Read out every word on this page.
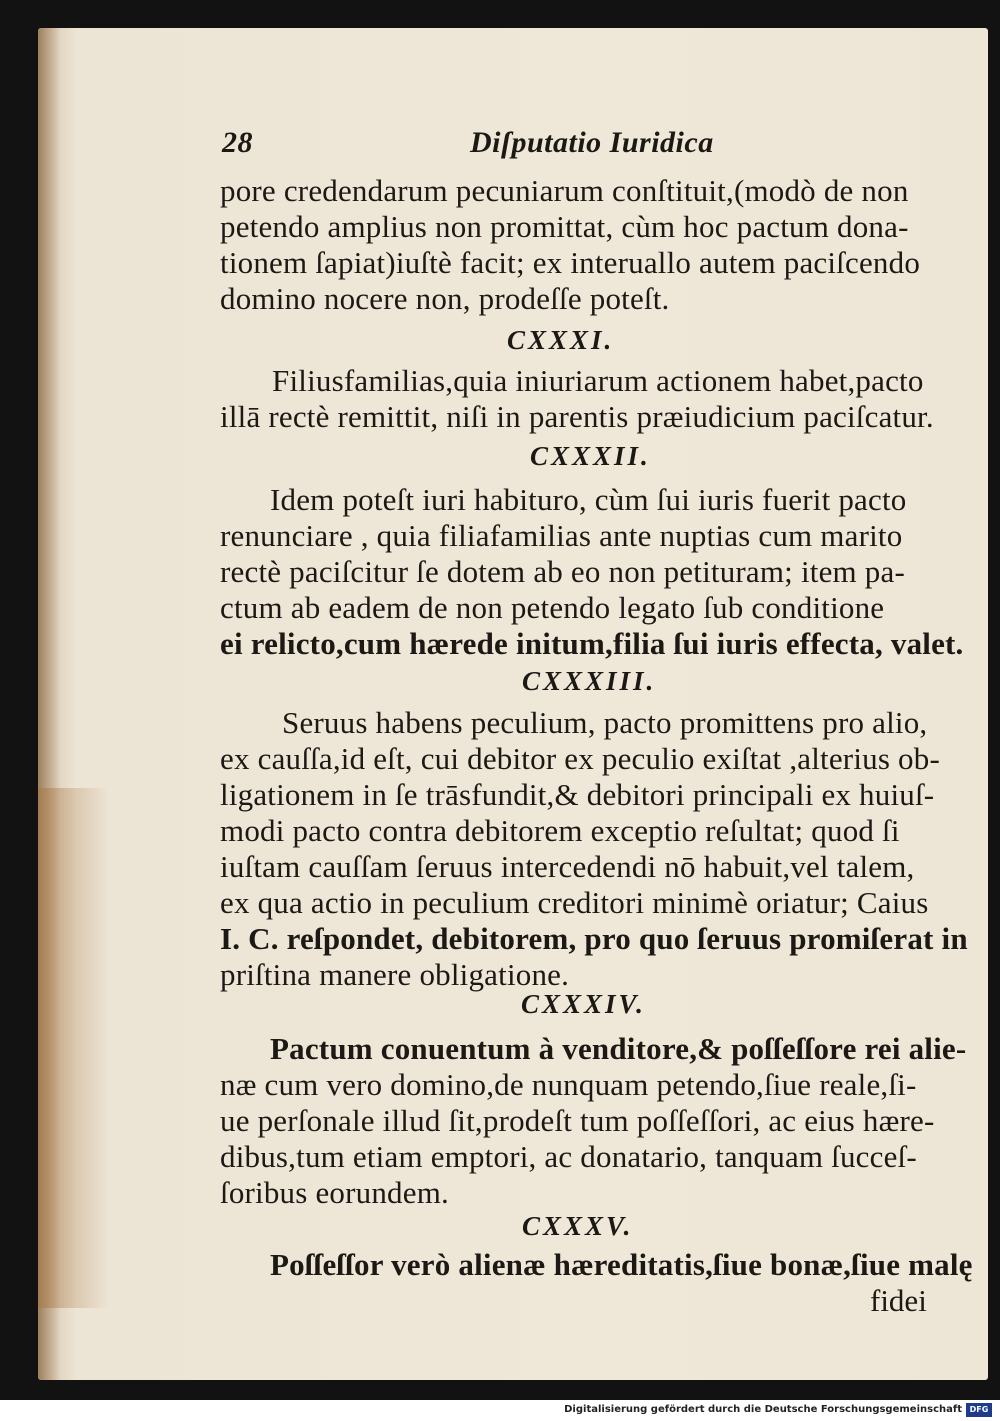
28	Diſputatio Iuridica
pore credendarum pecuniarum conſtituit,(modò de non
petendo amplius non promittat, cùm hoc pactum dona-
tionem ſapiat)iuſtè facit; ex interuallo autem paciſcendo
domino nocere non, prodeſſe poteſt.
CXXXI.
Filiusfamilias,quia iniuriarum actionem habet,pacto
illā rectè remittit, niſi in parentis præiudicium paciſcatur.
CXXXII.
Idem poteſt iuri habituro, cùm ſui iuris fuerit pacto
renunciare , quia filiafamilias ante nuptias cum marito
rectè paciſcitur ſe dotem ab eo non petituram; item pa-
ctum ab eadem de non petendo legato ſub conditione
ei relicto,cum hærede initum,filia ſui iuris effecta, valet.
CXXXIII.
Seruus habens peculium, pacto promittens pro alio,
ex cauſſa,id eſt, cui debitor ex peculio exiſtat ,alterius ob-
ligationem in ſe trāsfundit,& debitori principali ex huiuſ-
modi pacto contra debitorem exceptio reſultat; quod ſi
iuſtam cauſſam ſeruus intercedendi nō habuit,vel talem,
ex qua actio in peculium creditori minimè oriatur; Caius
I. C. reſpondet, debitorem, pro quo ſeruus promiſerat in
priſtina manere obligatione.
CXXXIV.
Pactum conuentum à venditore,& poſſeſſore rei alie-
næ cum vero domino,de nunquam petendo,ſiue reale,ſi-
ue perſonale illud ſit,prodeſt tum poſſeſſori, ac eius hære-
dibus,tum etiam emptori, ac donatario, tanquam ſucceſ-
ſoribus eorundem.
CXXXV.
Poſſeſſor verò alienæ hæreditatis,ſiue bonæ,ſiue malę
fidei
Digitalisierung gefördert durch die Deutsche Forschungsgemeinschaft DFG
